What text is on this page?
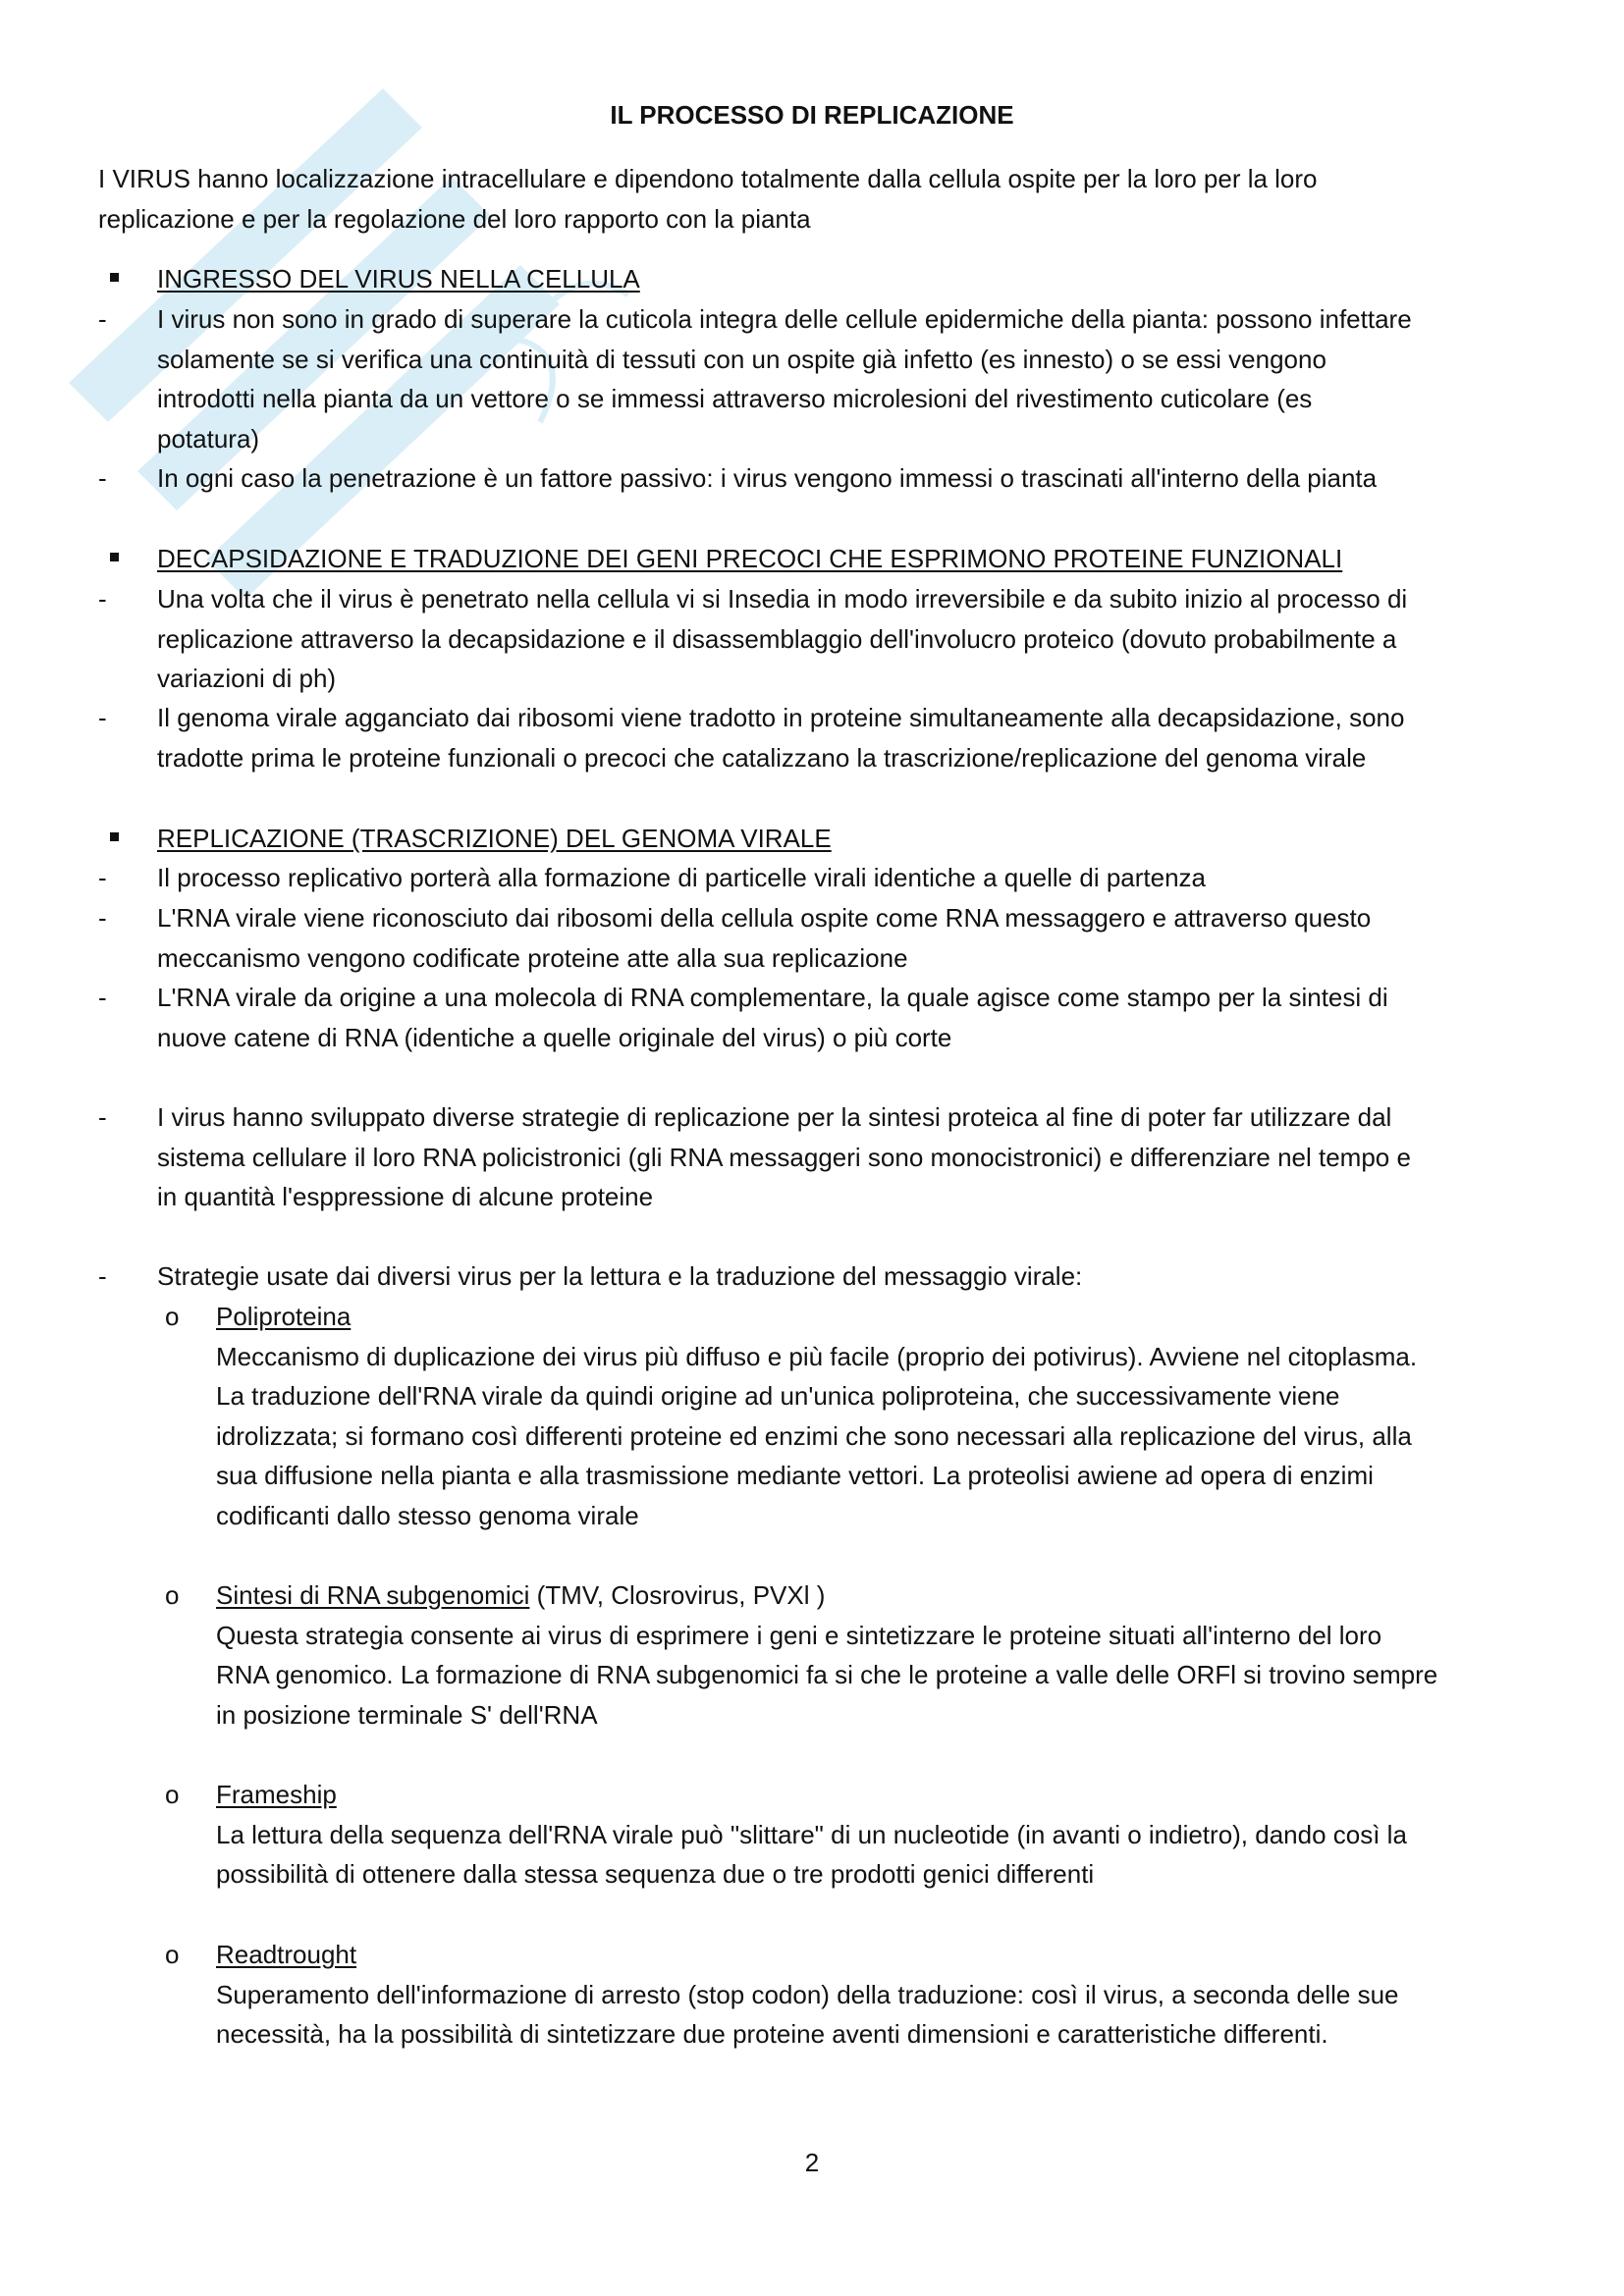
IL PROCESSO DI REPLICAZIONE
I VIRUS hanno localizzazione intracellulare e dipendono totalmente dalla cellula ospite per la loro per la loro
replicazione e per la regolazione del loro rapporto con la pianta
INGRESSO DEL VIRUS NELLA CELLULA
- I virus non sono in grado di superare la cuticola integra delle cellule epidermiche della pianta: possono infettare
solamente se si verifica una continuità di tessuti con un ospite già infetto (es innesto) o se essi vengono
introdotti nella pianta da un vettore o se immessi attraverso microlesioni del rivestimento cuticolare (es
potatura)
- In ogni caso la penetrazione è un fattore passivo: i virus vengono immessi o trascinati all'interno della pianta
DECAPSIDAZIONE E TRADUZIONE DEI GENI PRECOCI CHE ESPRIMONO PROTEINE FUNZIONALI
- Una volta che il virus è penetrato nella cellula vi si Insedia in modo irreversibile e da subito inizio al processo di
replicazione attraverso la decapsidazione e il disassemblaggio dell'involucro proteico (dovuto probabilmente a
variazioni di ph)
- Il genoma virale agganciato dai ribosomi viene tradotto in proteine simultaneamente alla decapsidazione, sono
tradotte prima le proteine funzionali o precoci che catalizzano la trascrizione/replicazione del genoma virale
REPLICAZIONE (TRASCRIZIONE) DEL GENOMA VIRALE
- Il processo replicativo porterà alla formazione di particelle virali identiche a quelle di partenza
- L'RNA virale viene riconosciuto dai ribosomi della cellula ospite come RNA messaggero e attraverso questo
meccanismo vengono codificate proteine atte alla sua replicazione
- L'RNA virale da origine a una molecola di RNA complementare, la quale agisce come stampo per la sintesi di
nuove catene di RNA (identiche a quelle originale del virus) o più corte
- I virus hanno sviluppato diverse strategie di replicazione per la sintesi proteica al fine di poter far utilizzare dal
sistema cellulare il loro RNA policistronici (gli RNA messaggeri sono monocistronici) e differenziare nel tempo e
in quantità l'esppressione di alcune proteine
- Strategie usate dai diversi virus per la lettura e la traduzione del messaggio virale:
o Poliproteina
Meccanismo di duplicazione dei virus più diffuso e più facile (proprio dei potivirus). Avviene nel citoplasma.
La traduzione dell'RNA virale da quindi origine ad un'unica poliproteina, che successivamente viene
idrolizzata; si formano così differenti proteine ed enzimi che sono necessari alla replicazione del virus, alla
sua diffusione nella pianta e alla trasmissione mediante vettori. La proteolisi awiene ad opera di enzimi
codificanti dallo stesso genoma virale
o Sintesi di RNA subgenomici (TMV, Closrovirus, PVXl )
Questa strategia consente ai virus di esprimere i geni e sintetizzare le proteine situati all'interno del loro
RNA genomico. La formazione di RNA subgenomici fa si che le proteine a valle delle ORFl si trovino sempre
in posizione terminale S' dell'RNA
o Frameship
La lettura della sequenza dell'RNA virale può "slittare" di un nucleotide (in avanti o indietro), dando così la
possibilità di ottenere dalla stessa sequenza due o tre prodotti genici differenti
o Readtrought
Superamento dell'informazione di arresto (stop codon) della traduzione: così il virus, a seconda delle sue
necessità, ha la possibilità di sintetizzare due proteine aventi dimensioni e caratteristiche differenti.
2
